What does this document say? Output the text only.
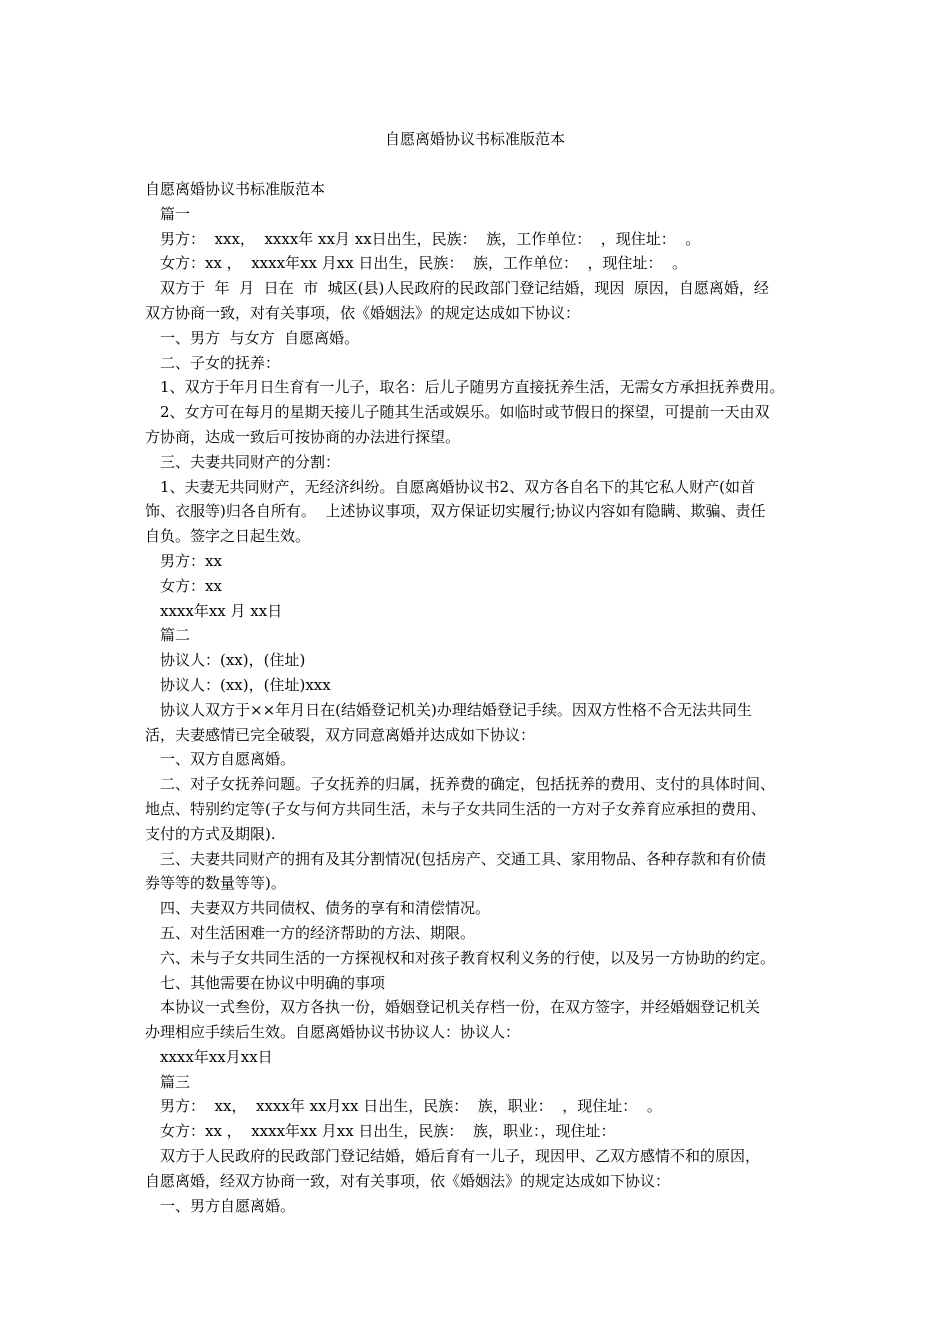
自愿离婚协议书标准版范本

自愿离婚协议书标准版范本

篇一

男方：  xxx，  xxxx年 xx月 xx日出生，民族：  族，工作单位：  ，现住址：  。

女方：xx ，  xxxx年xx 月xx 日出生，民族：  族，工作单位：  ，现住址：  。

双方于  年  月  日在  市  城区(县)人民政府的民政部门登记结婚，现因  原因，自愿离婚，经

双方协商一致，对有关事项，依《婚姻法》的规定达成如下协议：

一、男方  与女方  自愿离婚。

二、子女的抚养：

1、双方于年月日生育有一儿子，取名：后儿子随男方直接抚养生活，无需女方承担抚养费用。

2、女方可在每月的星期天接儿子随其生活或娱乐。如临时或节假日的探望，可提前一天由双

方协商，达成一致后可按协商的办法进行探望。

三、夫妻共同财产的分割：

1、夫妻无共同财产，无经济纠纷。自愿离婚协议书2、双方各自名下的其它私人财产(如首

饰、衣服等)归各自所有。  上述协议事项，双方保证切实履行;协议内容如有隐瞒、欺骗、责任

自负。签字之日起生效。

男方：xx

女方：xx

xxxx年xx 月 xx日

篇二

协议人：(xx)，(住址)

协议人：(xx)，(住址)xxx

协议人双方于××年月日在(结婚登记机关)办理结婚登记手续。因双方性格不合无法共同生

活，夫妻感情已完全破裂，双方同意离婚并达成如下协议：

一、双方自愿离婚。

二、对子女抚养问题。子女抚养的归属，抚养费的确定，包括抚养的费用、支付的具体时间、

地点、特别约定等(子女与何方共同生活，未与子女共同生活的一方对子女养育应承担的费用、

支付的方式及期限).

三、夫妻共同财产的拥有及其分割情况(包括房产、交通工具、家用物品、各种存款和有价债

券等等的数量等等)。

四、夫妻双方共同债权、债务的享有和清偿情况。

五、对生活困难一方的经济帮助的方法、期限。

六、未与子女共同生活的一方探视权和对孩子教育权利义务的行使，以及另一方协助的约定。

七、其他需要在协议中明确的事项

本协议一式叁份，双方各执一份，婚姻登记机关存档一份，在双方签字，并经婚姻登记机关

办理相应手续后生效。自愿离婚协议书协议人：协议人：

xxxx年xx月xx日

篇三

男方：  xx，  xxxx年 xx月xx 日出生，民族：  族，职业：  ，现住址：  。

女方：xx ，  xxxx年xx 月xx 日出生，民族：  族，职业：，现住址：

双方于人民政府的民政部门登记结婚，婚后育有一儿子，现因甲、乙双方感情不和的原因，

自愿离婚，经双方协商一致，对有关事项，依《婚姻法》的规定达成如下协议：

一、男方自愿离婚。
